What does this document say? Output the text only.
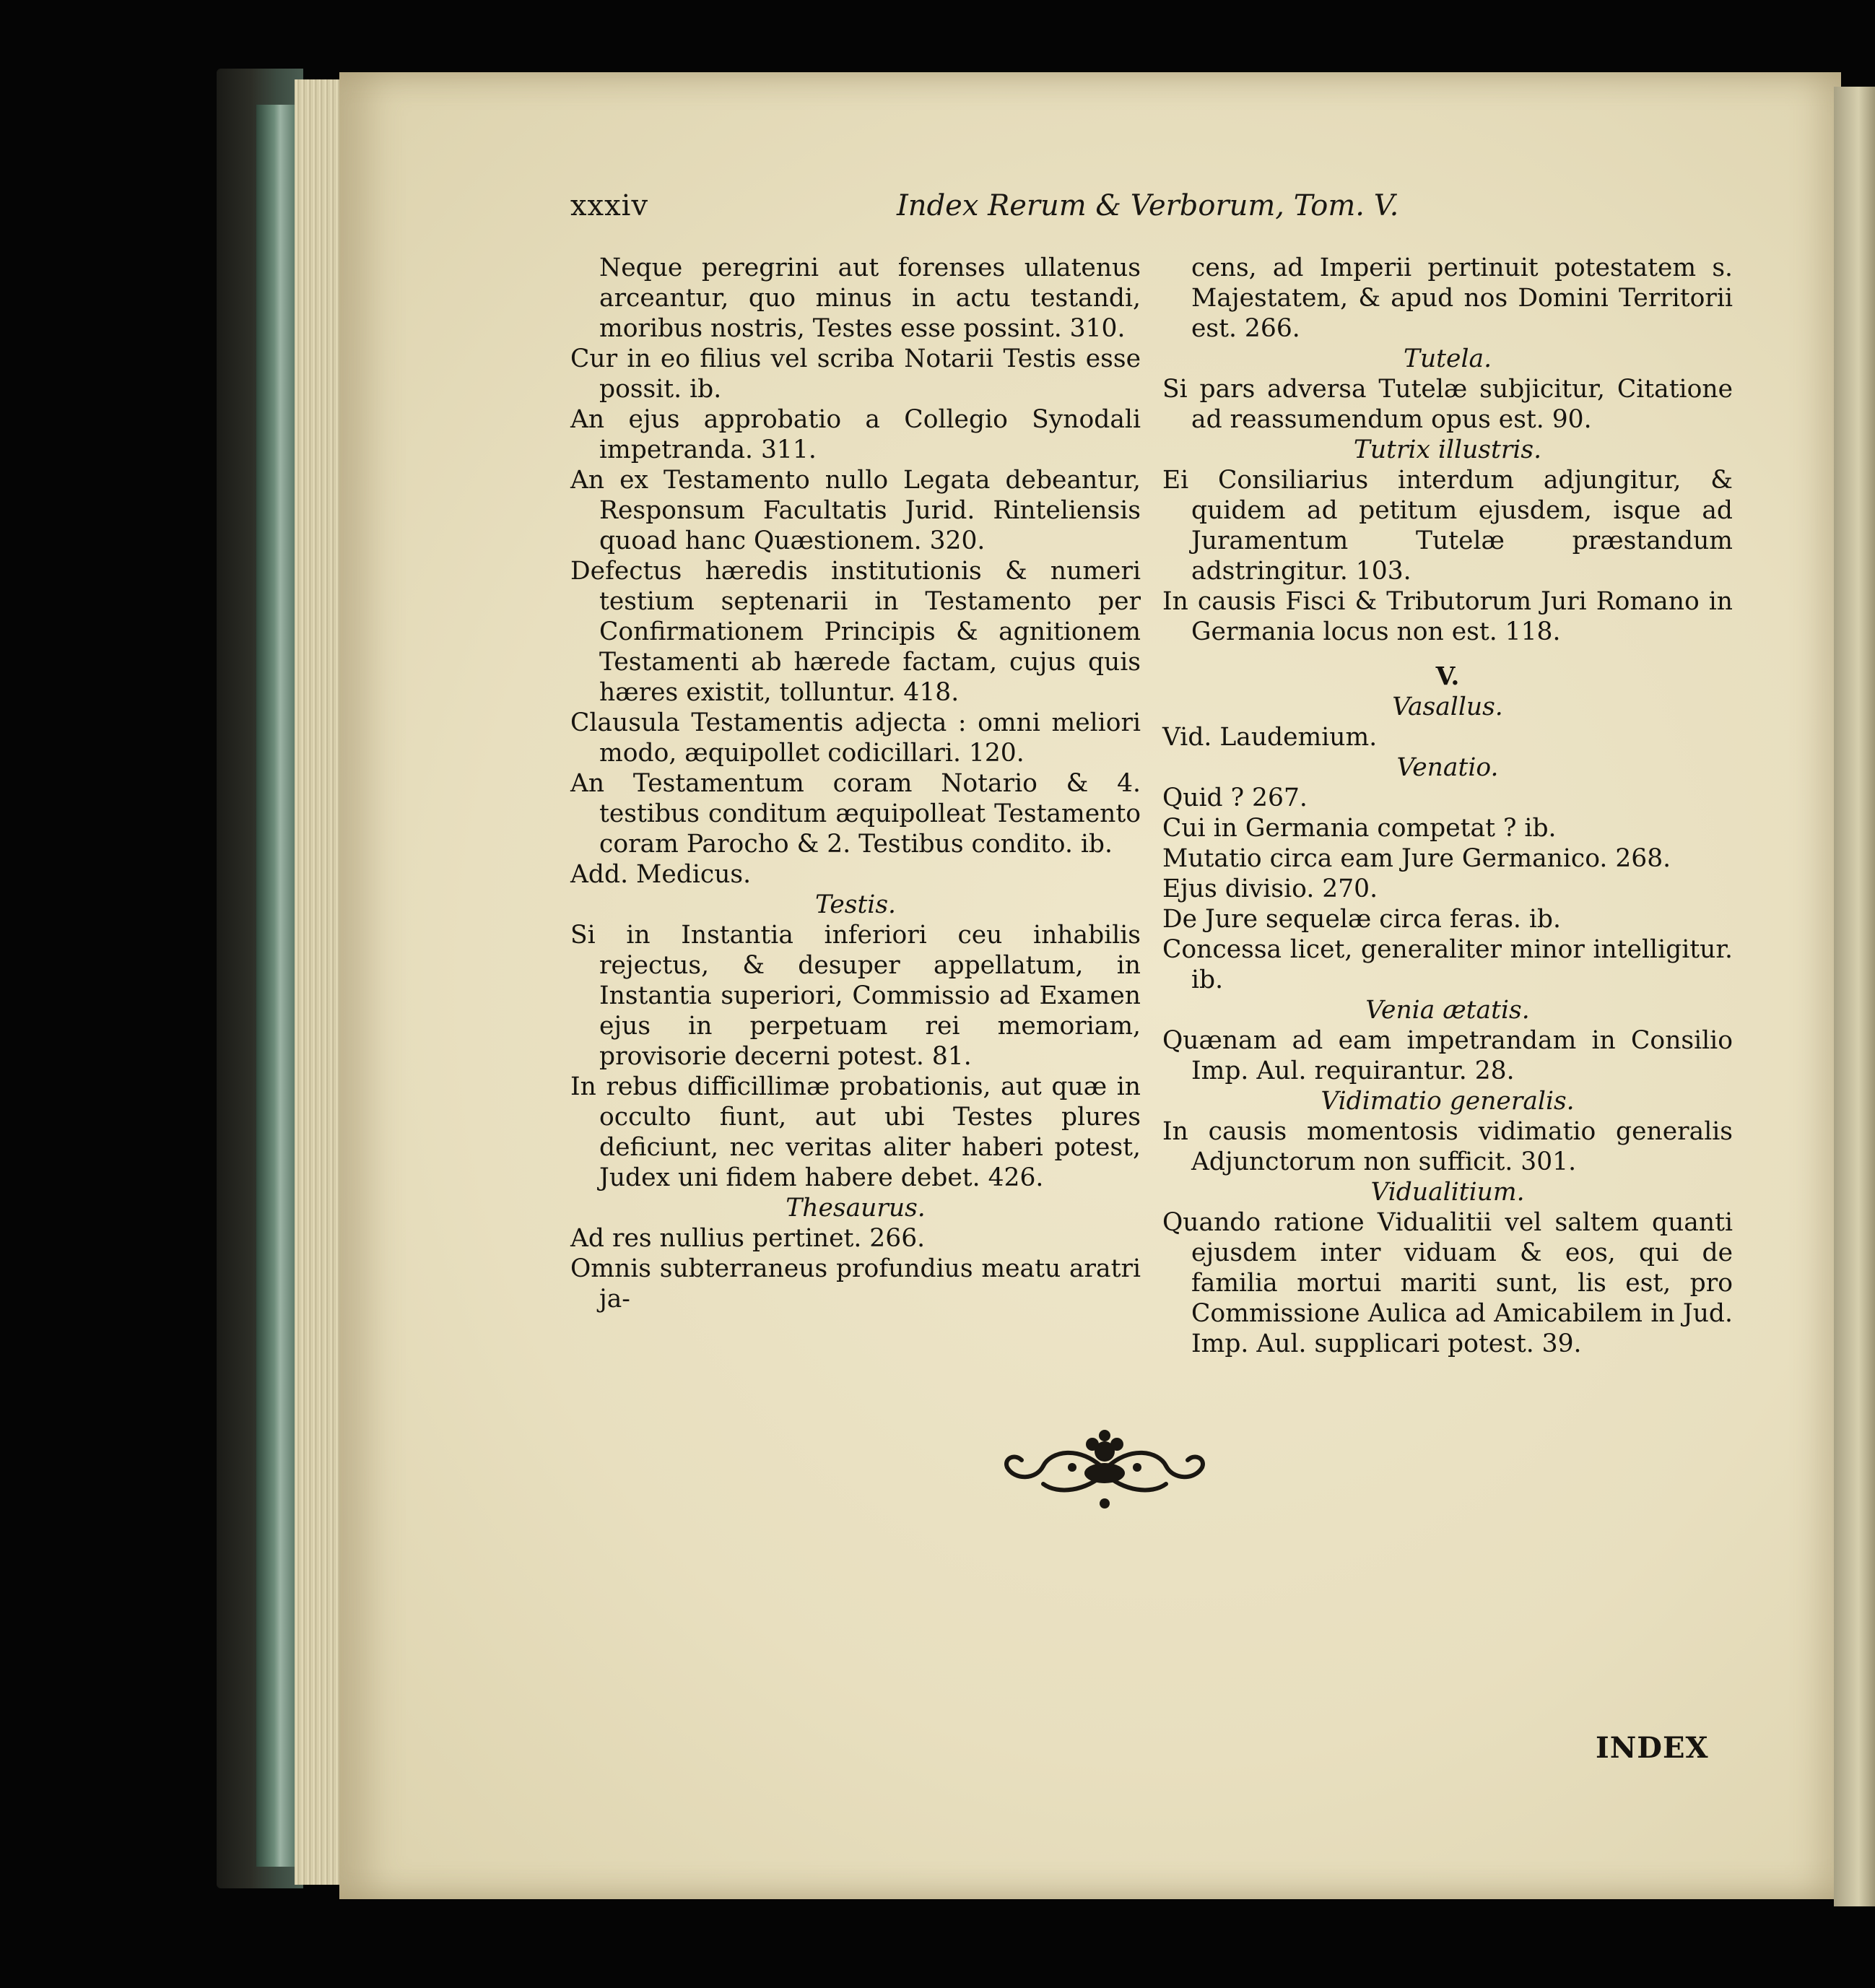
xxxiv	Index Rerum & Verborum, Tom. V.
Neque peregrini aut forenses ullatenus arceantur, quo minus in actu testandi, moribus nostris, Testes esse possint. 310.
Cur in eo filius vel scriba Notarii Testis esse possit. ib.
An ejus approbatio a Collegio Synodali impetranda. 311.
An ex Testamento nullo Legata debeantur, Responsum Facultatis Jurid. Rinteliensis quoad hanc Quæstionem. 320.
Defectus hæredis institutionis & numeri testium septenarii in Testamento per Confirmationem Principis & agnitionem Testamenti ab hærede factam, cujus quis hæres existit, tolluntur. 418.
Clausula Testamentis adjecta : omni meliori modo, æquipollet codicillari. 120.
An Testamentum coram Notario & 4. testibus conditum æquipolleat Testamento coram Parocho & 2. Testibus condito. ib.
Add. Medicus.
Testis.
Si in Instantia inferiori ceu inhabilis rejectus, & desuper appellatum, in Instantia superiori, Commissio ad Examen ejus in perpetuam rei memoriam, provisorie decerni potest. 81.
In rebus difficillimæ probationis, aut quæ in occulto fiunt, aut ubi Testes plures deficiunt, nec veritas aliter haberi potest, Judex uni fidem habere debet. 426.
Thesaurus.
Ad res nullius pertinet. 266.
Omnis subterraneus profundius meatu aratri ja-
cens, ad Imperii pertinuit potestatem s. Majestatem, & apud nos Domini Territorii est. 266.
Tutela.
Si pars adversa Tutelæ subjicitur, Citatione ad reassumendum opus est. 90.
Tutrix illustris.
Ei Consiliarius interdum adjungitur, & quidem ad petitum ejusdem, isque ad Juramentum Tutelæ præstandum adstringitur. 103.
In causis Fisci & Tributorum Juri Romano in Germania locus non est. 118.
V.
Vasallus.
Vid. Laudemium.
Venatio.
Quid ? 267.
Cui in Germania competat ? ib.
Mutatio circa eam Jure Germanico. 268.
Ejus divisio. 270.
De Jure sequelæ circa feras. ib.
Concessa licet, generaliter minor intelligitur. ib.
Venia ætatis.
Quænam ad eam impetrandam in Consilio Imp. Aul. requirantur. 28.
Vidimatio generalis.
In causis momentosis vidimatio generalis Adjunctorum non sufficit. 301.
Vidualitium.
Quando ratione Vidualitii vel saltem quanti ejusdem inter viduam & eos, qui de familia mortui mariti sunt, lis est, pro Commissione Aulica ad Amicabilem in Jud. Imp. Aul. supplicari potest. 39.
INDEX
